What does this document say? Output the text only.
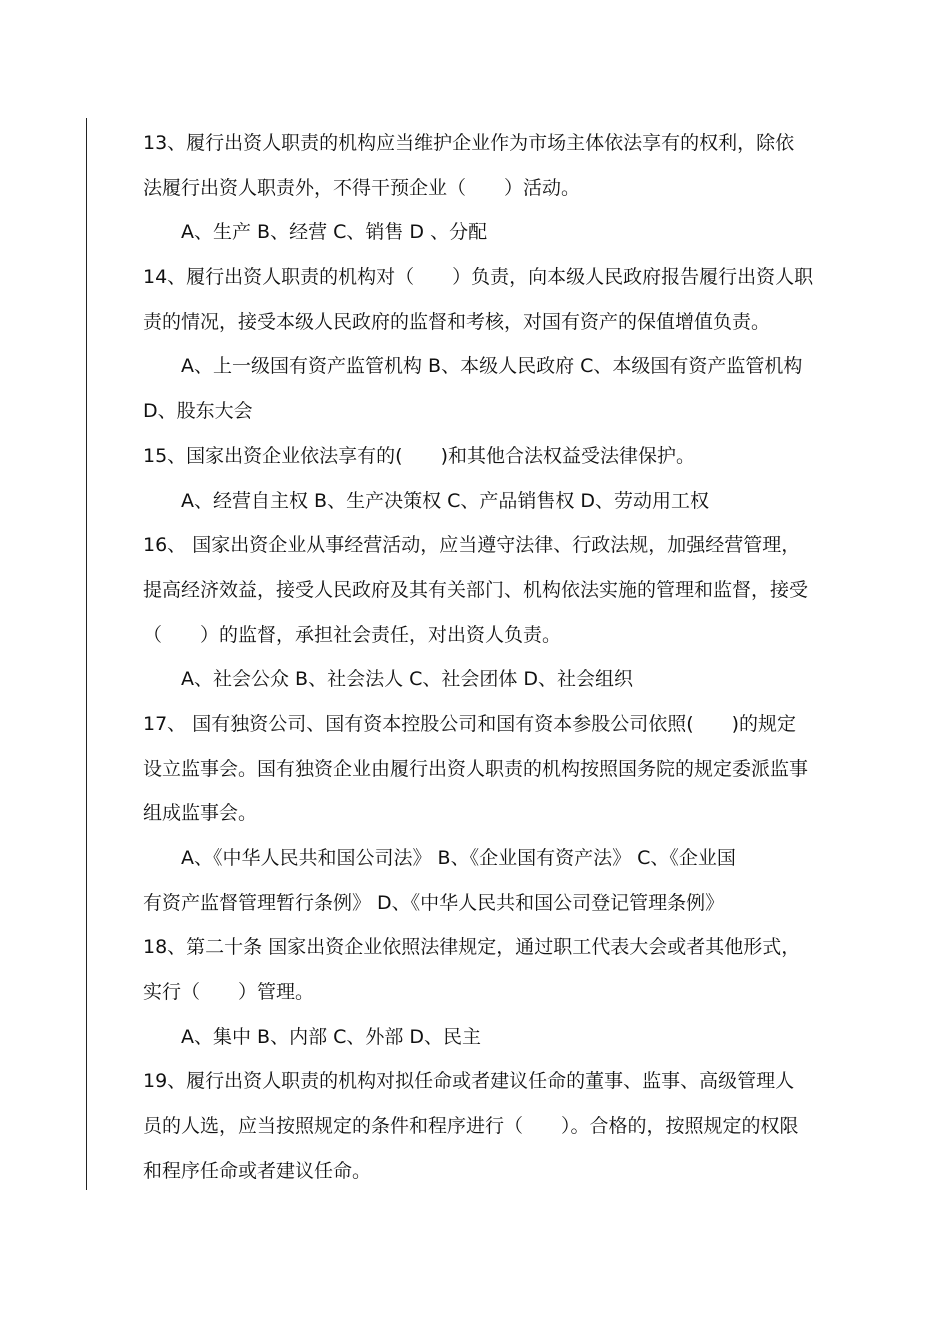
13、履行出资人职责的机构应当维护企业作为市场主体依法享有的权利，除依
法履行出资人职责外，不得干预企业（　　）活动。
A、生产 B、经营 C、销售 D 、分配
14、履行出资人职责的机构对（　　）负责，向本级人民政府报告履行出资人职
责的情况，接受本级人民政府的监督和考核，对国有资产的保值增值负责。
A、上一级国有资产监管机构 B、本级人民政府 C、本级国有资产监管机构
D、股东大会
15、国家出资企业依法享有的(　　)和其他合法权益受法律保护。
A、经营自主权 B、生产决策权 C、产品销售权 D、劳动用工权
16、 国家出资企业从事经营活动，应当遵守法律、行政法规，加强经营管理，
提高经济效益，接受人民政府及其有关部门、机构依法实施的管理和监督，接受
（　　）的监督，承担社会责任，对出资人负责。
A、社会公众 B、社会法人 C、社会团体 D、社会组织
17、 国有独资公司、国有资本控股公司和国有资本参股公司依照(　　)的规定
设立监事会。国有独资企业由履行出资人职责的机构按照国务院的规定委派监事
组成监事会。
A、《中华人民共和国公司法》 B、《企业国有资产法》 C、《企业国
有资产监督管理暂行条例》 D、《中华人民共和国公司登记管理条例》
18、第二十条 国家出资企业依照法律规定，通过职工代表大会或者其他形式，
实行（　　）管理。
A、集中 B、内部 C、外部 D、民主
19、履行出资人职责的机构对拟任命或者建议任命的董事、监事、高级管理人
员的人选，应当按照规定的条件和程序进行（　　）。合格的，按照规定的权限
和程序任命或者建议任命。
